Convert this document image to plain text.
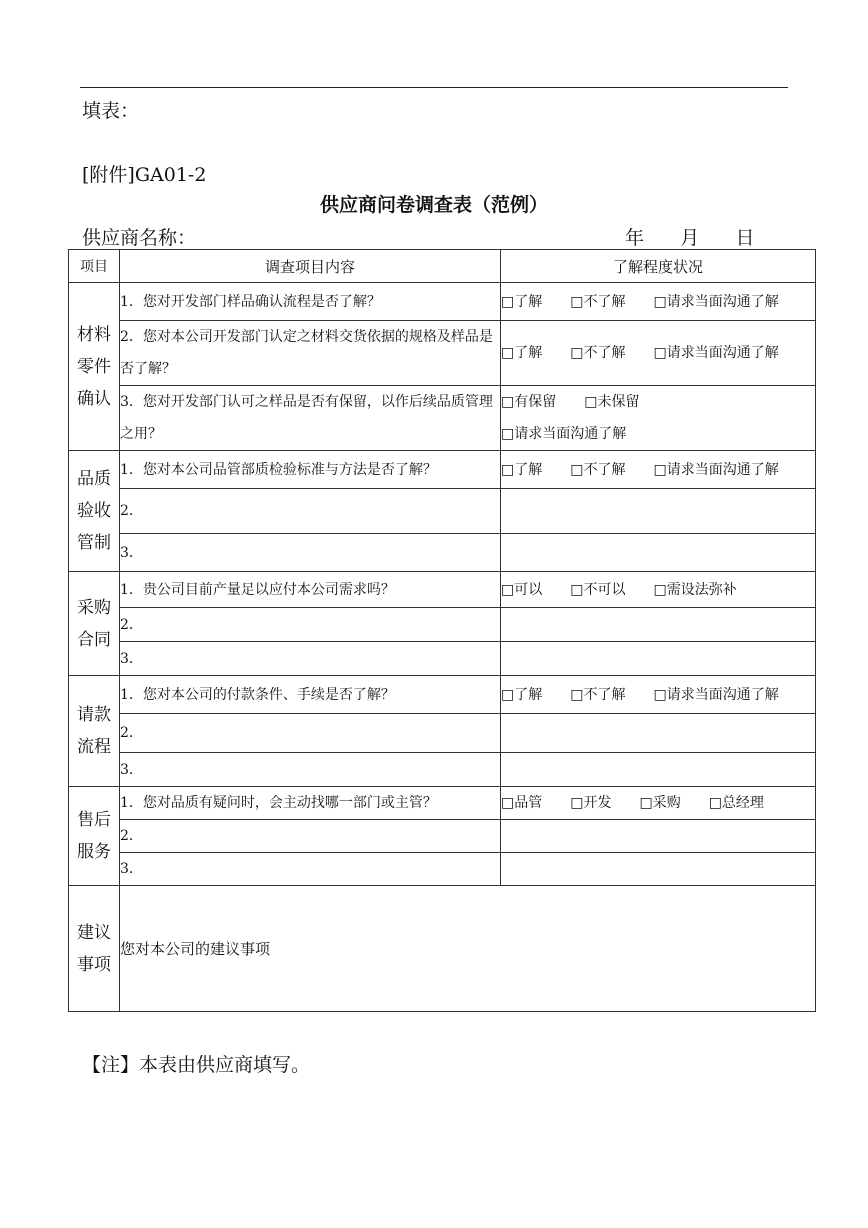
填表：
[附件]GA01-2
供应商问卷调查表（范例）
供应商名称：	年      月      日
项目	调查项目内容	了解程度状况
材料
零件
确认	1．您对开发部门样品确认流程是否了解？	□了解 □不了解 □请求当面沟通了解

	2．您对本公司开发部门认定之材料交货依据的规格及样品是否了解？	□了解 □不了解 □请求当面沟通了解

	3．您对开发部门认可之样品是否有保留，以作后续品质管理之用？	□有保留 □未保留
□请求当面沟通了解

品质
验收
管制	1．您对本公司品管部质检验标准与方法是否了解？	□了解 □不了解 □请求当面沟通了解

	2．	

	3．	

采购
合同	1．贵公司目前产量足以应付本公司需求吗？	□可以 □不可以 □需设法弥补

	2．	

	3．	

请款
流程	1．您对本公司的付款条件、手续是否了解？	□了解 □不了解 □请求当面沟通了解

	2．	

	3．	

售后
服务	1．您对品质有疑问时，会主动找哪一部门或主管？	□品管 □开发 □采购 □总经理

	2．	

	3．	

建议
事项	您对本公司的建议事项	
【注】本表由供应商填写。
